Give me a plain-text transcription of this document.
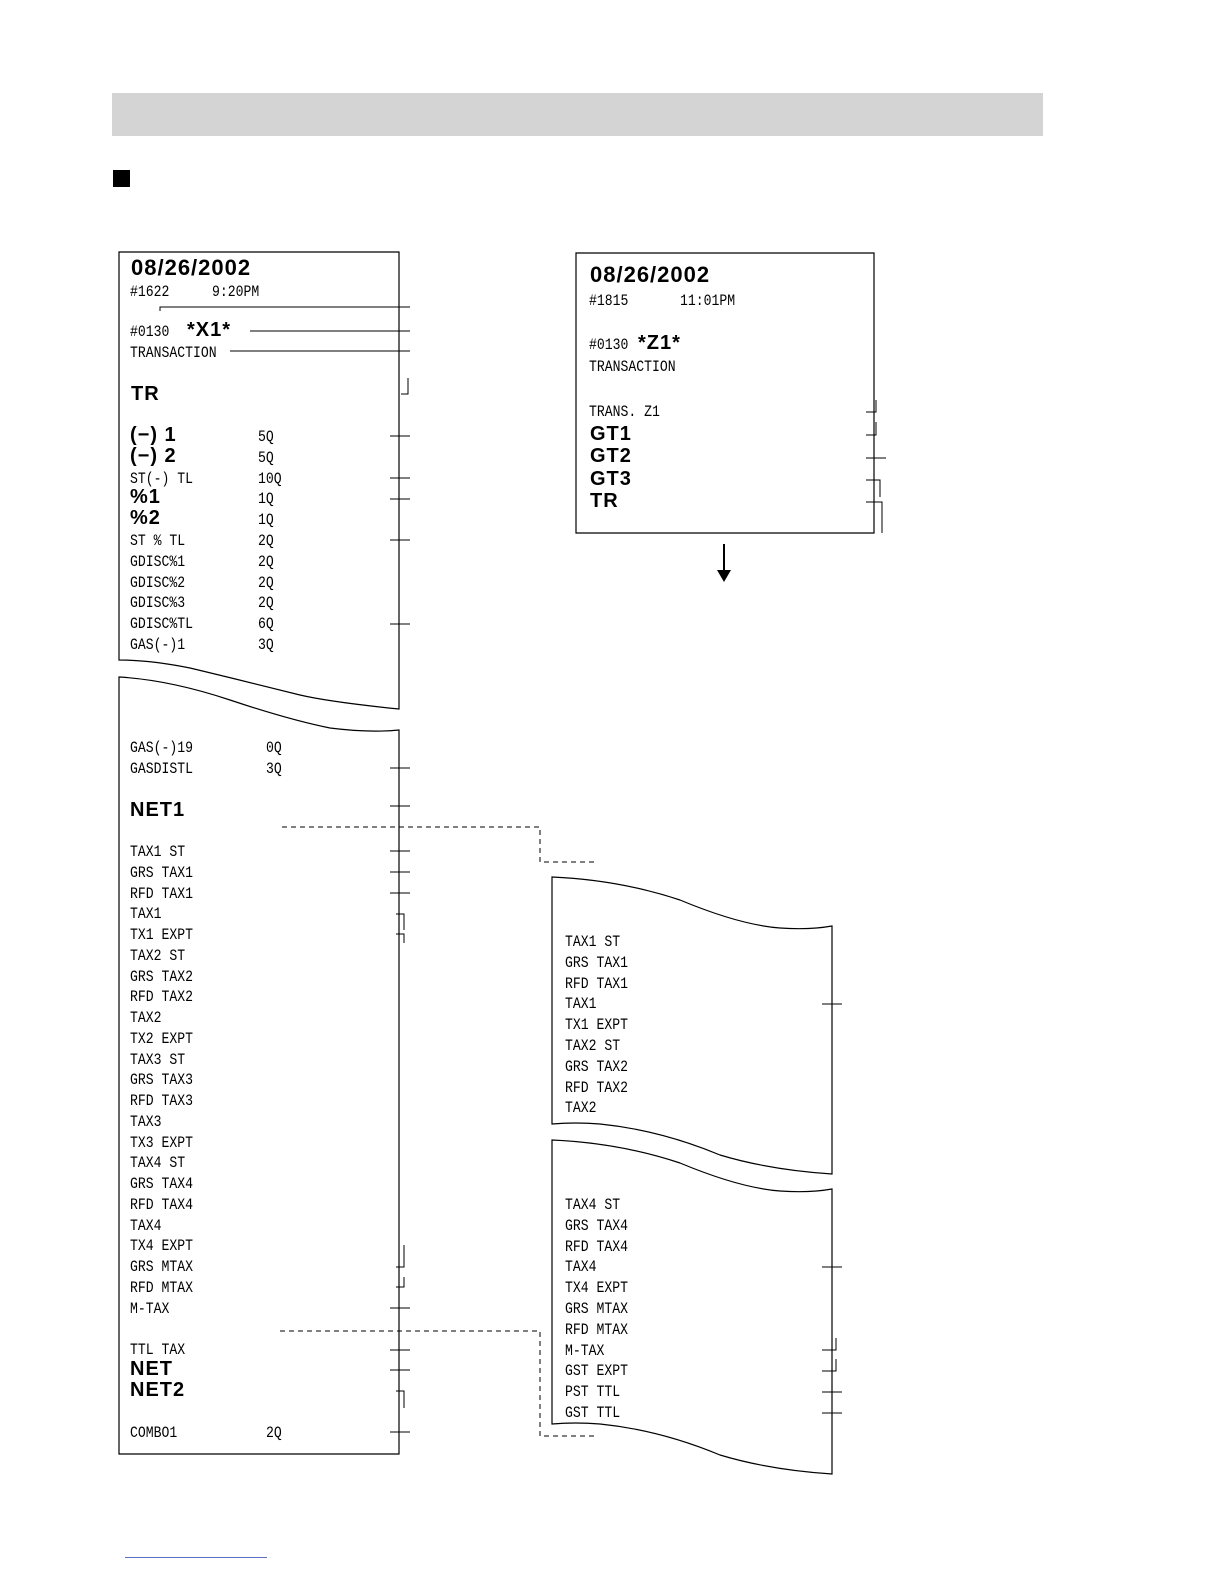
08/26/2002
#1622	9:20PM
#0130 *X1*
TRANSACTION
TR
(−) 1	5Q
(−) 2	5Q
ST(-) TL	10Q
%1	1Q
%2	1Q
ST % TL	2Q
GDISC%1	2Q
GDISC%2	2Q
GDISC%3	2Q
GDISC%TL	6Q
GAS(-)1	3Q
GAS(-)19	0Q
GASDISTL	3Q
NET1
TAX1 ST
GRS TAX1
RFD TAX1
TAX1
TX1 EXPT
TAX2 ST
GRS TAX2
RFD TAX2
TAX2
TX2 EXPT
TAX3 ST
GRS TAX3
RFD TAX3
TAX3
TX3 EXPT
TAX4 ST
GRS TAX4
RFD TAX4
TAX4
TX4 EXPT
GRS MTAX
RFD MTAX
M-TAX
TTL TAX
NET
NET2
COMBO1	2Q
08/26/2002
#1815	11:01PM
#0130 *Z1*
TRANSACTION
TRANS. Z1
GT1
GT2
GT3
TR
TAX1 ST
GRS TAX1
RFD TAX1
TAX1
TX1 EXPT
TAX2 ST
GRS TAX2
RFD TAX2
TAX2
TAX4 ST
GRS TAX4
RFD TAX4
TAX4
TX4 EXPT
GRS MTAX
RFD MTAX
M-TAX
GST EXPT
PST TTL
GST TTL
